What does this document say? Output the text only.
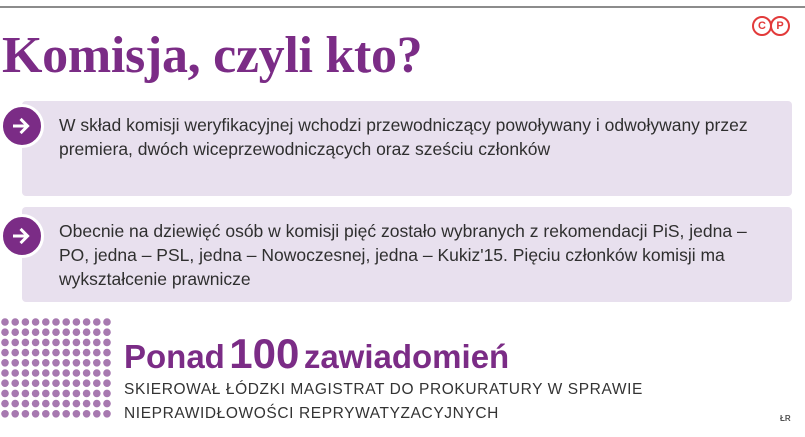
C P
Komisja, czyli kto?
W skład komisji weryfikacyjnej wchodzi przewodniczący powoływany i odwoływany przez premiera, dwóch wiceprzewodniczących oraz sześciu członków
Obecnie na dziewięć osób w komisji pięć zostało wybranych z rekomendacji PiS, jedna – PO, jedna – PSL, jedna – Nowoczesnej, jedna – Kukiz'15. Pięciu członków komisji ma wykształcenie prawnicze
Ponad 100 zawiadomień
SKIEROWAŁ ŁÓDZKI MAGISTRAT DO PROKURATURY W SPRAWIE
NIEPRAWIDŁOWOŚCI REPRYWATYZACYJNYCH	ŁR
